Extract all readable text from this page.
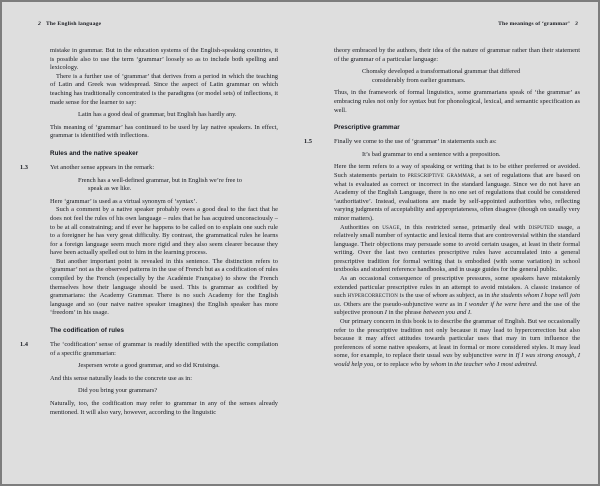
2 The English language

mistake in grammar. But in the education systems of the English-speaking countries, it is possible also to use the term ‘grammar’ loosely so as to include both spelling and lexicology.

There is a further use of ‘grammar’ that derives from a period in which the teaching of Latin and Greek was widespread. Since the aspect of Latin grammar on which teaching has traditionally concentrated is the paradigms (or model sets) of inflections, it made sense for the learner to say:

Latin has a good deal of grammar, but English has hardly any.

This meaning of ‘grammar’ has continued to be used by lay native speakers. In effect, grammar is identified with inflections.

Rules and the native speaker
1.3	Yet another sense appears in the remark:

French has a well-defined grammar, but in English we’re free to
speak as we like.

Here ‘grammar’ is used as a virtual synonym of ‘syntax’.

Such a comment by a native speaker probably owes a good deal to the fact that he does not feel the rules of his own language – rules that he has acquired unconsciously – to be at all constraining; and if ever he happens to be called on to explain one such rule to a foreigner he has very great difficulty. By contrast, the grammatical rules he learns for a foreign language seem much more rigid and they also seem clearer because they have been actually spelled out to him in the learning process.

But another important point is revealed in this sentence. The distinction refers to ‘grammar’ not as the observed patterns in the use of French but as a codification of rules compiled by the French (especially by the Académie Française) to show the French themselves how their language should be used. This is grammar as codified by grammarians: the Academy Grammar. There is no such Academy for the English language and so (our naive native speaker imagines) the English speaker has more ‘freedom’ in his usage.

The codification of rules
1.4	The ‘codification’ sense of grammar is readily identified with the specific compilation of a specific grammarian:

Jespersen wrote a good grammar, and so did Kruisinga.

And this sense naturally leads to the concrete use as in:

Did you bring your grammars?

Naturally, too, the codification may refer to grammar in any of the senses already mentioned. It will also vary, however, according to the linguistic

The meanings of ‘grammar’ 3

theory embraced by the authors, their idea of the nature of grammar rather than their statement of the grammar of a particular language:

Chomsky developed a transformational grammar that differed
considerably from earlier grammars.

Thus, in the framework of formal linguistics, some grammarians speak of ‘the grammar’ as embracing rules not only for syntax but for phonological, lexical, and semantic specification as well.

Prescriptive grammar
1.5	Finally we come to the use of ‘grammar’ in statements such as:

It’s bad grammar to end a sentence with a preposition.

Here the term refers to a way of speaking or writing that is to be either preferred or avoided. Such statements pertain to prescriptive grammar, a set of regulations that are based on what is evaluated as correct or incorrect in the standard language. Since we do not have an Academy of the English Language, there is no one set of regulations that could be considered ‘authoritative’. Instead, evaluations are made by self-appointed authorities who, reflecting varying judgments of acceptability and appropriateness, often disagree (though on usually very minor matters).

Authorities on usage, in this restricted sense, primarily deal with disputed usage, a relatively small number of syntactic and lexical items that are controversial within the standard language. Their objections may persuade some to avoid certain usages, at least in their formal writing. Over the last two centuries prescriptive rules have accumulated into a general prescriptive tradition for formal writing that is embodied (with some variation) in school textbooks and student reference handbooks, and in usage guides for the general public.

As an occasional consequence of prescriptive pressures, some speakers have mistakenly extended particular prescriptive rules in an attempt to avoid mistakes. A classic instance of such hypercorrection is the use of whom as subject, as in the students whom I hope will join us. Others are the pseudo-subjunctive were as in I wonder if he were here and the use of the subjective pronoun I in the phrase between you and I.

Our primary concern in this book is to describe the grammar of English. But we occasionally refer to the prescriptive tradition not only because it may lead to hypercorrection but also because it may affect attitudes towards particular uses that may in turn influence the preferences of some native speakers, at least in formal or more considered styles. It may lead some, for example, to replace their usual was by subjunctive were in If I was strong enough, I would help you, or to replace who by whom in the teacher who I most admired.
